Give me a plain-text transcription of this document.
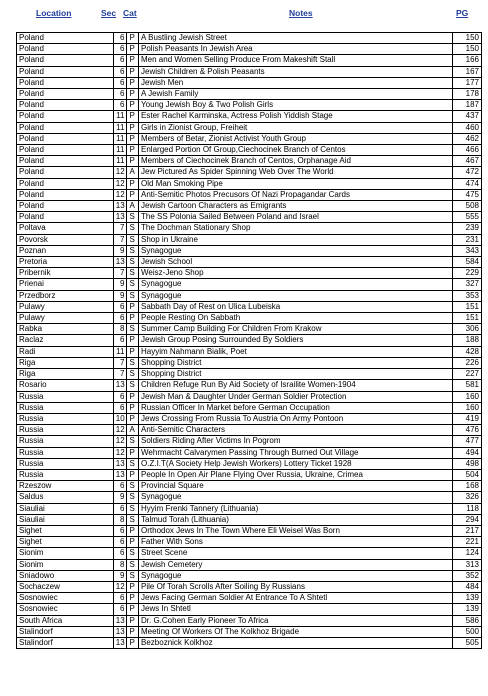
Location	Sec Cat	Notes	PG
Poland	6	P	A Bustling Jewish Street	150
Poland	6	P	Polish Peasants In Jewish Area	150
Poland	6	P	Men and Women Selling Produce From Makeshift Stall	166
Poland	6	P	Jewish Children & Polish Peasants	167
Poland	6	P	Jewish Men	177
Poland	6	P	A Jewish Family	178
Poland	6	P	Young Jewish Boy & Two Polish Girls	187
Poland	11	P	Ester Rachel Karminska, Actress Polish Yiddish Stage	437
Poland	11	P	Girls in Zionist Group, Freiheit	460
Poland	11	P	Members of Betar, Zionist Activist Youth Group	462
Poland	11	P	Enlarged Portion Of Group,Ciechocinek Branch of Centos	466
Poland	11	P	Members of Ciechocinek Branch of Centos, Orphanage Aid	467
Poland	12	A	Jew Pictured As Spider Spinning Web Over The World	472
Poland	12	P	Old Man Smoking Pipe	474
Poland	12	P	Anti-Semitic Photos Precusors Of Nazi Propagandar Cards	475
Poland	13	A	Jewish Cartoon Characters as Emigrants	508
Poland	13	S	The SS Polonia Sailed Between Poland and Israel	555
Poltava	7	S	The Dochman Stationary Shop	239
Povorsk	7	S	Shop in Ukraine	231
Poznan	9	S	Synagogue	343
Pretoria	13	S	Jewish School	584
Pribernik	7	S	Weisz-Jeno Shop	229
Prienai	9	S	Synagogue	327
Przedborz	9	S	Synagogue	353
Pulawy	6	P	Sabbath Day of Rest on Ulica Lubeiska	151
Pulawy	6	P	People Resting On Sabbath	151
Rabka	8	S	Summer Camp Building For Children From Krakow	306
Raclaz	6	P	Jewish Group Posing Surrounded By Soldiers	188
Radi	11	P	Hayyim Nahmann Bialik, Poet	428
Riga	7	S	Shopping District	226
Riga	7	S	Shopping District	227
Rosario	13	S	Children Refuge Run By Aid Society of Israilite Women-1904	581
Russia	6	P	Jewish Man & Daughter Under German Soldier Protection	160
Russia	6	P	Russian Officer In Market before German Occupation	160
Russia	10	P	Jews Crossing From Russia To Austria On Army Pontoon	419
Russia	12	A	Anti-Semitic Characters	476
Russia	12	S	Soldiers Riding After Victims In Pogrom	477
Russia	12	P	Wehrmacht Calvarymen Passing Through Burned Out Village	494
Russia	13	S	O.Z.I.T(A Society Help Jewish Workers) Lottery Ticket 1928	498
Russia	13	P	People In Open Air Plane Flying Over Russia, Ukraine, Crimea	504
Rzeszow	6	S	Provincial Square	168
Saldus	9	S	Synagogue	326
Siauliai	6	S	Hyyim Frenki Tannery (Lithuania)	118
Siauliai	8	S	Talmud Torah (Lithuania)	294
Sighet	6	P	Orthodox Jews In The Town Where Eli Weisel Was Born	217
Sighet	6	P	Father With Sons	221
Sionim	6	S	Street Scene	124
Sionim	8	S	Jewish Cemetery	313
Sniadowo	9	S	Synagogue	352
Sochaczew	12	P	Pile Of Torah Scrolls After Soiling By Russians	484
Sosnowiec	6	P	Jews Facing German Soldier At Entrance To A Shtetl	139
Sosnowiec	6	P	Jews In Shtetl	139
South Africa	13	P	Dr. G.Cohen Early Pioneer To Africa	586
Stalindorf	13	P	Meeting Of Workers Of The Kolkhoz Brigade	500
Stalindorf	13	P	Bezboznick Kolkhoz	505
